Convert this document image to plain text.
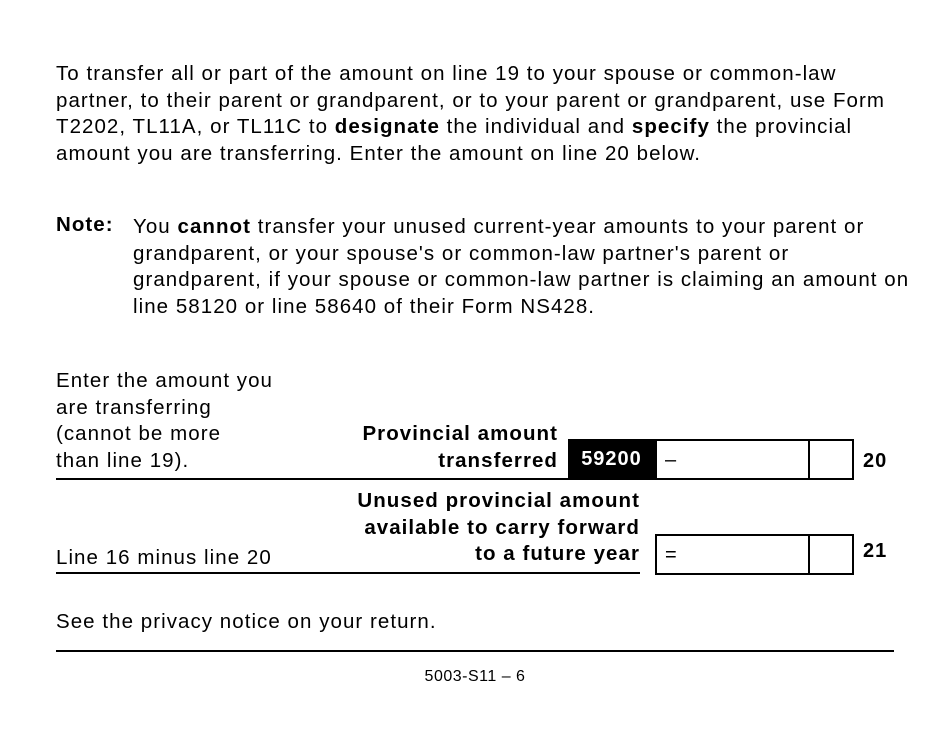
To transfer all or part of the amount on line 19 to your spouse or common-law partner, to their parent or grandparent, or to your parent or grandparent, use Form T2202, TL11A, or TL11C to designate the individual and specify the provincial amount you are transferring. Enter the amount on line 20 below.

Note: You cannot transfer your unused current-year amounts to your parent or grandparent, or your spouse's or common-law partner's parent or grandparent, if your spouse or common-law partner is claiming an amount on line 58120 or line 58640 of their Form NS428.

Enter the amount you
are transferring
(cannot be more
than line 19).
Provincial amount
transferred	59200	–	20
Unused provincial amount
available to carry forward
to a future year
Line 16 minus line 20	=	21
See the privacy notice on your return.
5003-S11 – 6
